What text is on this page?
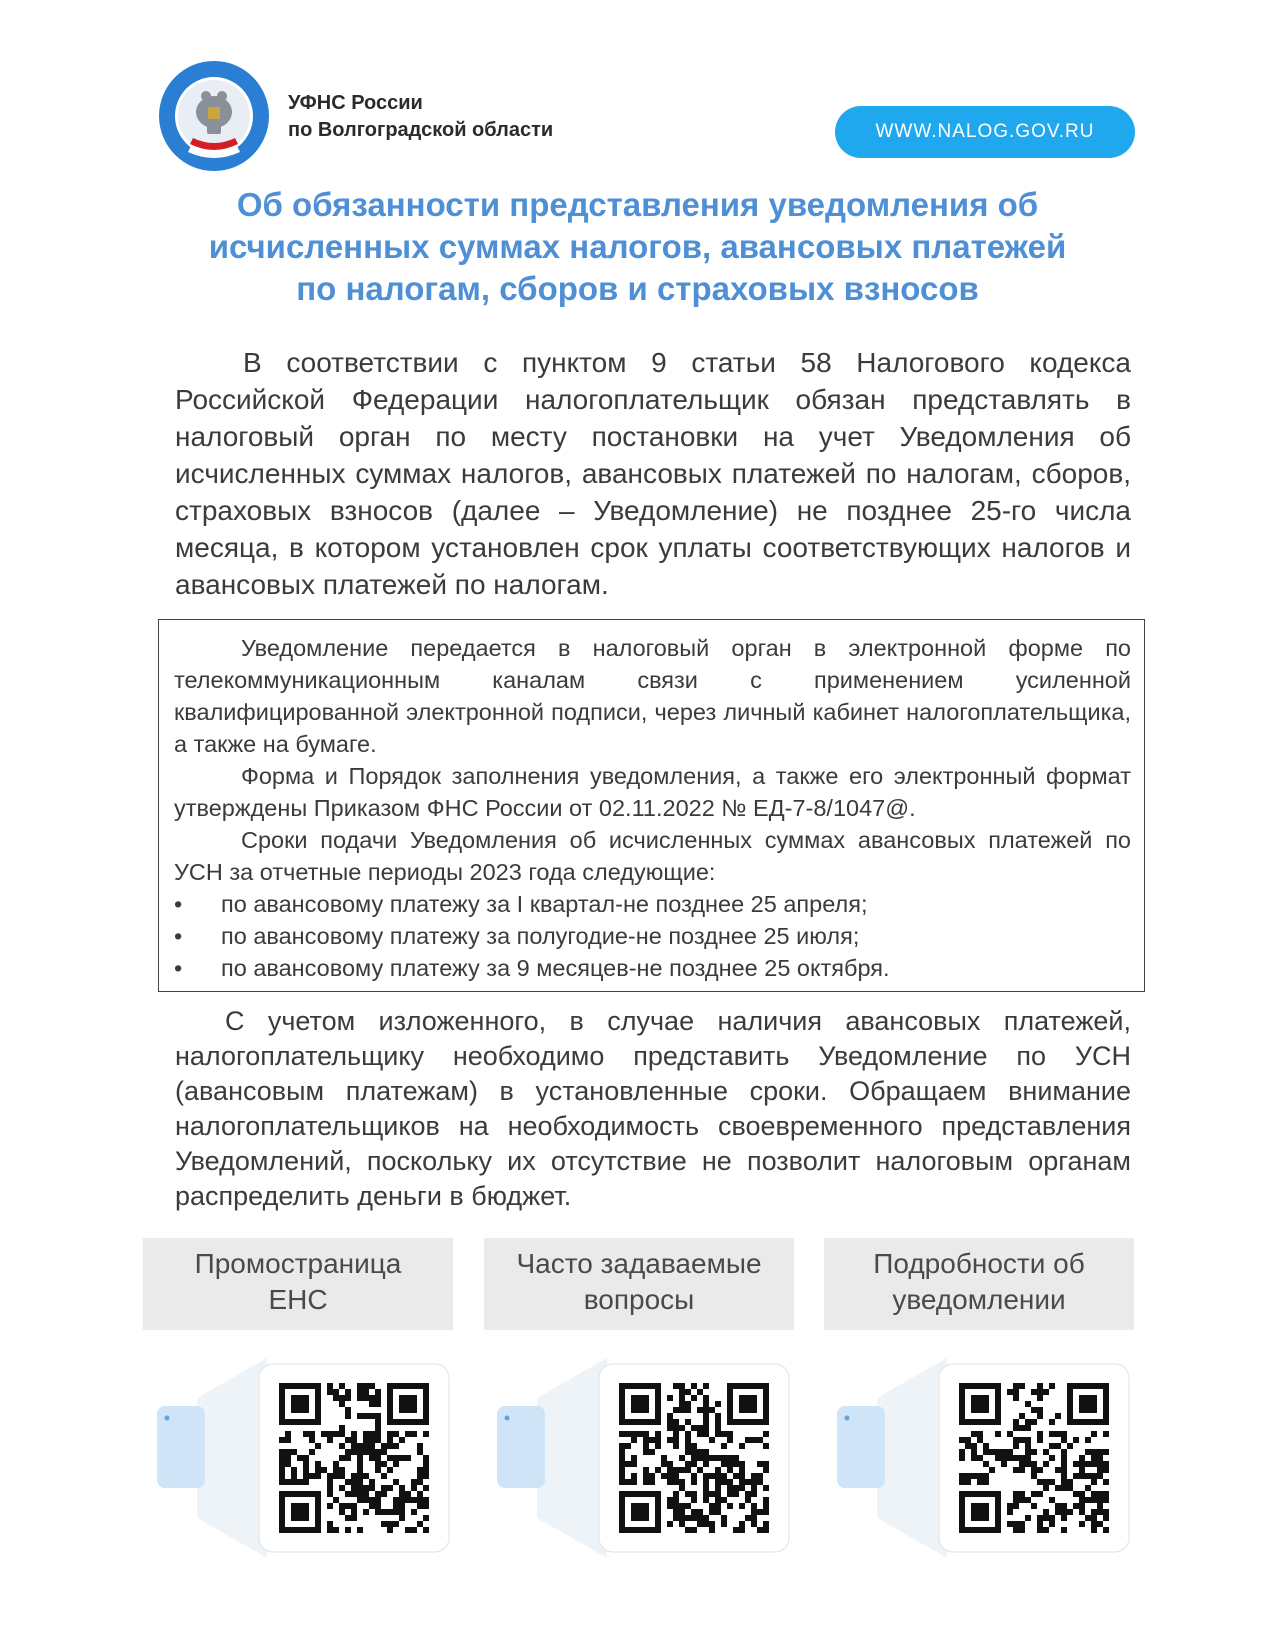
УФНС России
по Волгоградской области	WWW.NALOG.GOV.RU
Об обязанности представления уведомления об
исчисленных суммах налогов, авансовых платежей
по налогам, сборов и страховых взносов
В соответствии с пунктом 9 статьи 58 Налогового кодекса Российской Федерации налогоплательщик обязан представлять в налоговый орган по месту постановки на учет Уведомления об исчисленных суммах налогов, авансовых платежей по налогам, сборов, страховых взносов (далее – Уведомление) не позднее 25-го числа месяца, в котором установлен срок уплаты соответствующих налогов и авансовых платежей по налогам.
Уведомление передается в налоговый орган в электронной форме по телекоммуникационным каналам связи с применением усиленной квалифицированной электронной подписи, через личный кабинет налогоплательщика, а также на бумаге.
Форма и Порядок заполнения уведомления, а также его электронный формат утверждены Приказом ФНС России от 02.11.2022 № ЕД-7-8/1047@.
Сроки подачи Уведомления об исчисленных суммах авансовых платежей по УСН за отчетные периоды 2023 года следующие:
• по авансовому платежу за I квартал-не позднее 25 апреля;
• по авансовому платежу за полугодие-не позднее 25 июля;
• по авансовому платежу за 9 месяцев-не позднее 25 октября.
С учетом изложенного, в случае наличия авансовых платежей, налогоплательщику необходимо представить Уведомление по УСН (авансовым платежам) в установленные сроки. Обращаем внимание налогоплательщиков на необходимость своевременного представления Уведомлений, поскольку их отсутствие не позволит налоговым органам распределить деньги в бюджет.
Промостраница
ЕНС
Часто задаваемые
вопросы
Подробности об
уведомлении
